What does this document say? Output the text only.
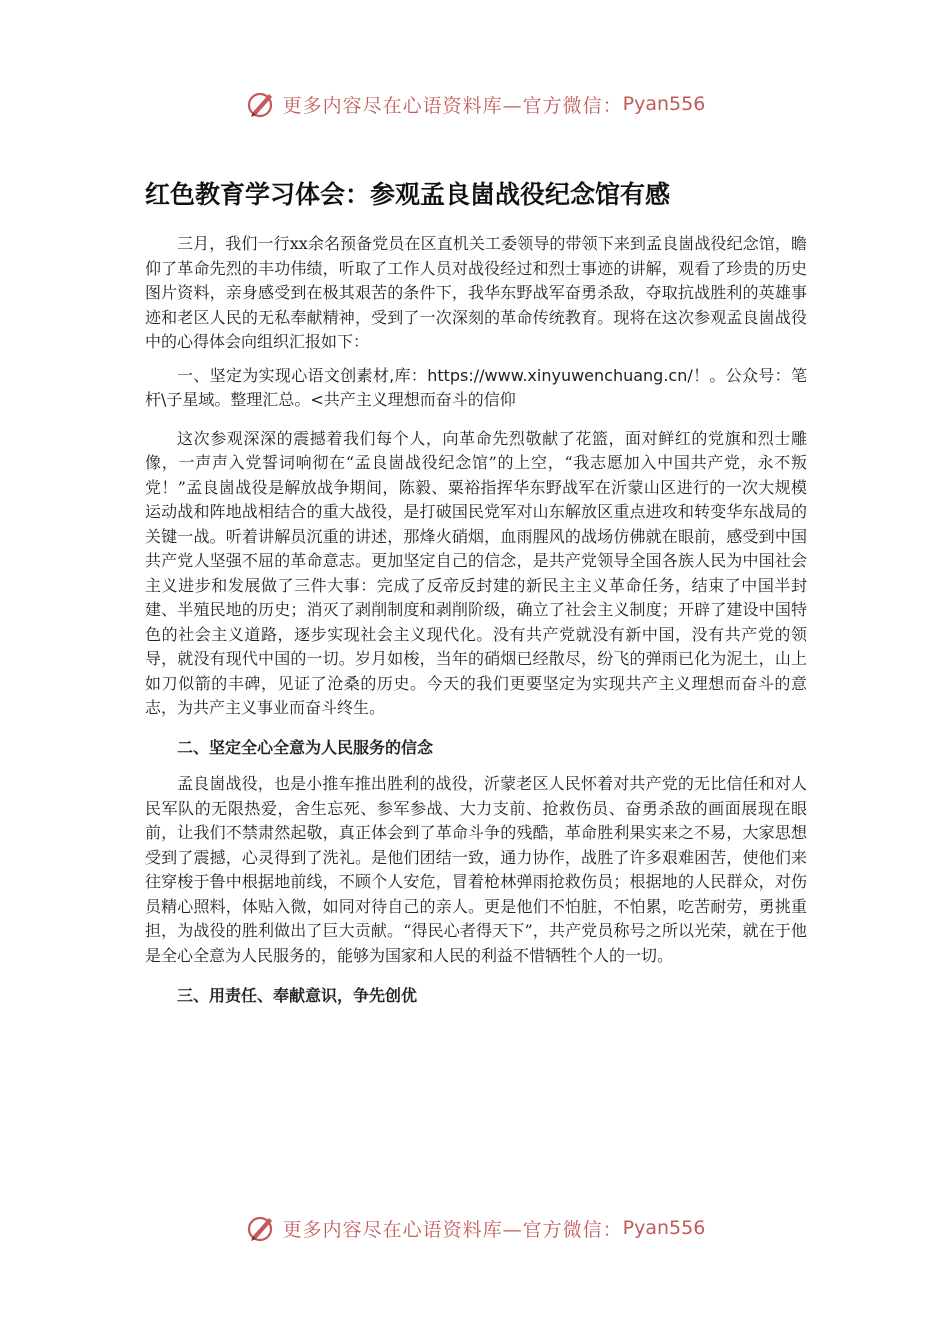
更多内容尽在心语资料库—官方微信： Pyan556
红色教育学习体会：参观孟良崮战役纪念馆有感

三月，我们一行xx余名预备党员在区直机关工委领导的带领下来到孟良崮战役纪念馆，瞻仰了革命先烈的丰功伟绩，听取了工作人员对战役经过和烈士事迹的讲解，观看了珍贵的历史图片资料，亲身感受到在极其艰苦的条件下，我华东野战军奋勇杀敌，夺取抗战胜利的英雄事迹和老区人民的无私奉献精神，受到了一次深刻的革命传统教育。现将在这次参观孟良崮战役中的心得体会向组织汇报如下：

一、坚定为实现心语文创素材,库：https://www.xinyuwenchuang.cn/！。公众号：笔杆\子星域。整理汇总。<共产主义理想而奋斗的信仰

这次参观深深的震撼着我们每个人，向革命先烈敬献了花篮，面对鲜红的党旗和烈士雕像，一声声入党誓词响彻在“孟良崮战役纪念馆”的上空，“我志愿加入中国共产党，永不叛党！”孟良崮战役是解放战争期间，陈毅、粟裕指挥华东野战军在沂蒙山区进行的一次大规模运动战和阵地战相结合的重大战役，是打破国民党军对山东解放区重点进攻和转变华东战局的关键一战。听着讲解员沉重的讲述，那烽火硝烟，血雨腥风的战场仿佛就在眼前，感受到中国共产党人坚强不屈的革命意志。更加坚定自己的信念，是共产党领导全国各族人民为中国社会主义进步和发展做了三件大事：完成了反帝反封建的新民主主义革命任务，结束了中国半封建、半殖民地的历史；消灭了剥削制度和剥削阶级，确立了社会主义制度；开辟了建设中国特色的社会主义道路，逐步实现社会主义现代化。没有共产党就没有新中国，没有共产党的领导，就没有现代中国的一切。岁月如梭，当年的硝烟已经散尽，纷飞的弹雨已化为泥土，山上如刀似箭的丰碑，见证了沧桑的历史。今天的我们更要坚定为实现共产主义理想而奋斗的意志，为共产主义事业而奋斗终生。

二、坚定全心全意为人民服务的信念

孟良崮战役，也是小推车推出胜利的战役，沂蒙老区人民怀着对共产党的无比信任和对人民军队的无限热爱，舍生忘死、参军参战、大力支前、抢救伤员、奋勇杀敌的画面展现在眼前，让我们不禁肃然起敬，真正体会到了革命斗争的残酷，革命胜利果实来之不易，大家思想受到了震撼，心灵得到了洗礼。是他们团结一致，通力协作，战胜了许多艰难困苦，使他们来往穿梭于鲁中根据地前线，不顾个人安危，冒着枪林弹雨抢救伤员；根据地的人民群众，对伤员精心照料，体贴入微，如同对待自己的亲人。更是他们不怕脏，不怕累，吃苦耐劳，勇挑重担，为战役的胜利做出了巨大贡献。“得民心者得天下”，共产党员称号之所以光荣，就在于他是全心全意为人民服务的，能够为国家和人民的利益不惜牺牲个人的一切。

三、用责任、奉献意识，争先创优

更多内容尽在心语资料库—官方微信： Pyan556
